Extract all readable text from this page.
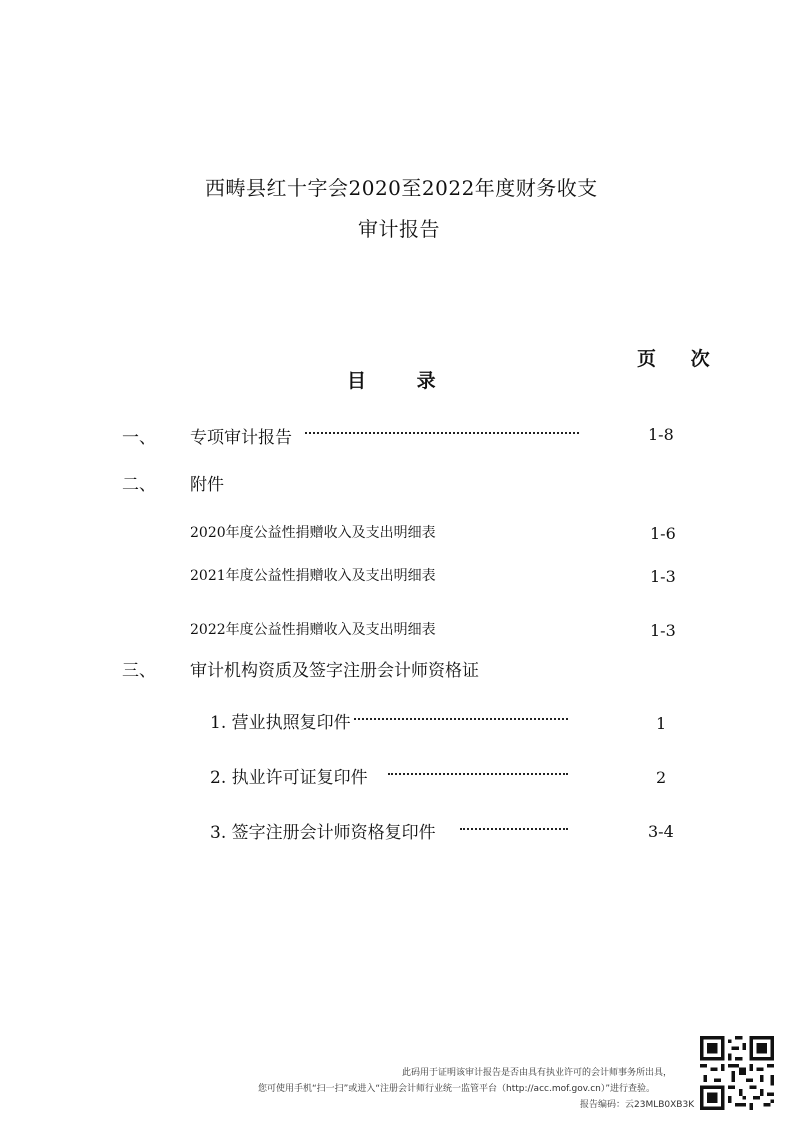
西畴县红十字会2020至2022年度财务收支
审计报告
页 次
目 录
一、 专项审计报告	1-8
二、 附件
2020年度公益性捐赠收入及支出明细表	1-6
2021年度公益性捐赠收入及支出明细表	1-3
2022年度公益性捐赠收入及支出明细表	1-3
三、 审计机构资质及签字注册会计师资格证
1. 营业执照复印件	1
2. 执业许可证复印件	2
3. 签字注册会计师资格复印件	3-4
此码用于证明该审计报告是否由具有执业许可的会计师事务所出具，
您可使用手机“扫一扫”或进入“注册会计师行业统一监管平台（http://acc.mof.gov.cn）”进行查验。
报告编码：云23MLB0XB3K
